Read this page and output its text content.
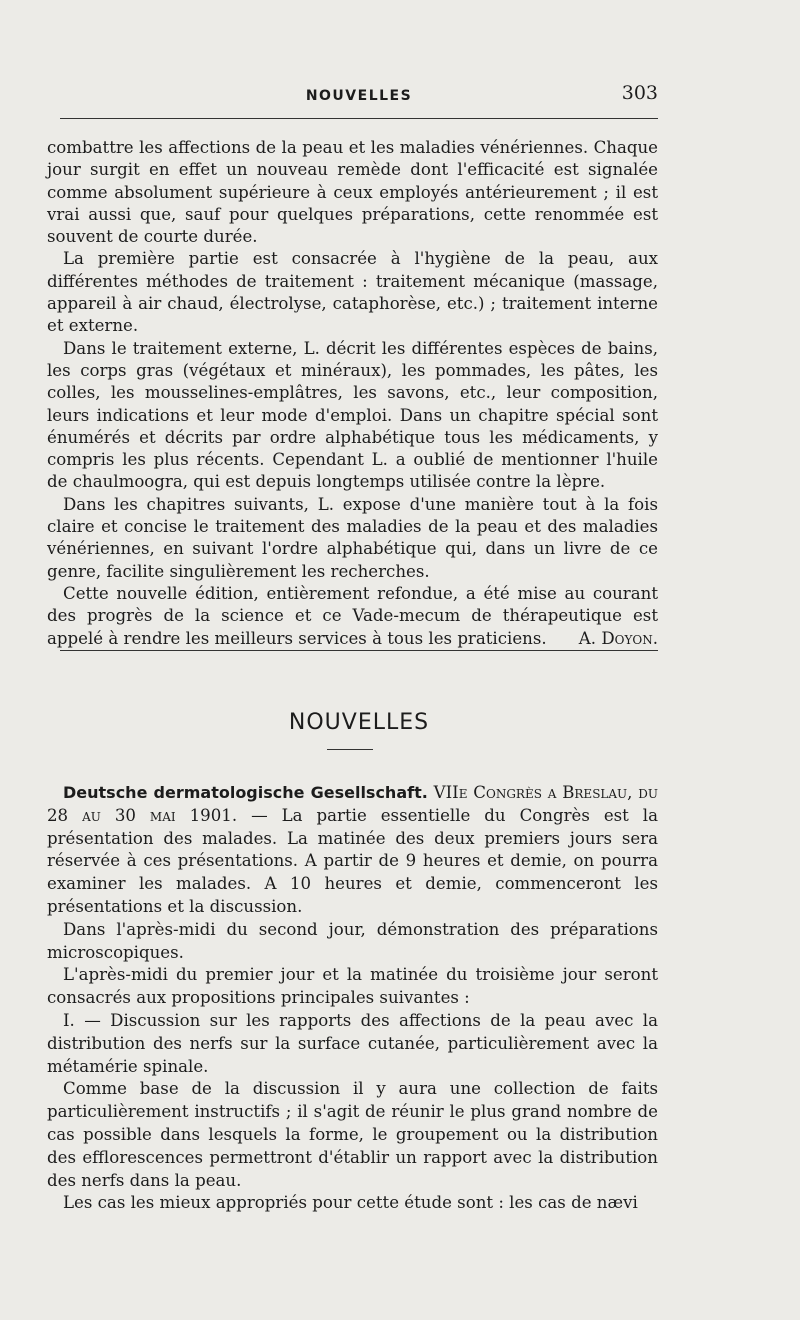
NOUVELLES	303

combattre les affections de la peau et les maladies vénériennes. Chaque jour surgit en effet un nouveau remède dont l'efficacité est signalée comme absolument supérieure à ceux employés antérieurement ; il est vrai aussi que, sauf pour quelques préparations, cette renommée est souvent de courte durée.

La première partie est consacrée à l'hygiène de la peau, aux différentes méthodes de traitement : traitement mécanique (massage, appareil à air chaud, électrolyse, cataphorèse, etc.) ; traitement interne et externe.

Dans le traitement externe, L. décrit les différentes espèces de bains, les corps gras (végétaux et minéraux), les pommades, les pâtes, les colles, les mousselines-emplâtres, les savons, etc., leur composition, leurs indications et leur mode d'emploi. Dans un chapitre spécial sont énumérés et décrits par ordre alphabétique tous les médicaments, y compris les plus récents. Cependant L. a oublié de mentionner l'huile de chaulmoogra, qui est depuis longtemps utilisée contre la lèpre.

Dans les chapitres suivants, L. expose d'une manière tout à la fois claire et concise le traitement des maladies de la peau et des maladies vénériennes, en suivant l'ordre alphabétique qui, dans un livre de ce genre, facilite singulièrement les recherches.

Cette nouvelle édition, entièrement refondue, a été mise au courant des progrès de la science et ce Vade-mecum de thérapeutique est appelé à rendre les meilleurs services à tous les praticiens.	A. Doyon.

NOUVELLES

Deutsche dermatologische Gesellschaft. VIIe Congrès a Breslau, du 28 au 30 mai 1901. — La partie essentielle du Congrès est la présentation des malades. La matinée des deux premiers jours sera réservée à ces présentations. A partir de 9 heures et demie, on pourra examiner les malades. A 10 heures et demie, commenceront les présentations et la discussion.

Dans l'après-midi du second jour, démonstration des préparations microscopiques.

L'après-midi du premier jour et la matinée du troisième jour seront consacrés aux propositions principales suivantes :

I. — Discussion sur les rapports des affections de la peau avec la distribution des nerfs sur la surface cutanée, particulièrement avec la métamérie spinale.

Comme base de la discussion il y aura une collection de faits particulièrement instructifs ; il s'agit de réunir le plus grand nombre de cas possible dans lesquels la forme, le groupement ou la distribution des efflorescences permettront d'établir un rapport avec la distribution des nerfs dans la peau.

Les cas les mieux appropriés pour cette étude sont : les cas de nævi
